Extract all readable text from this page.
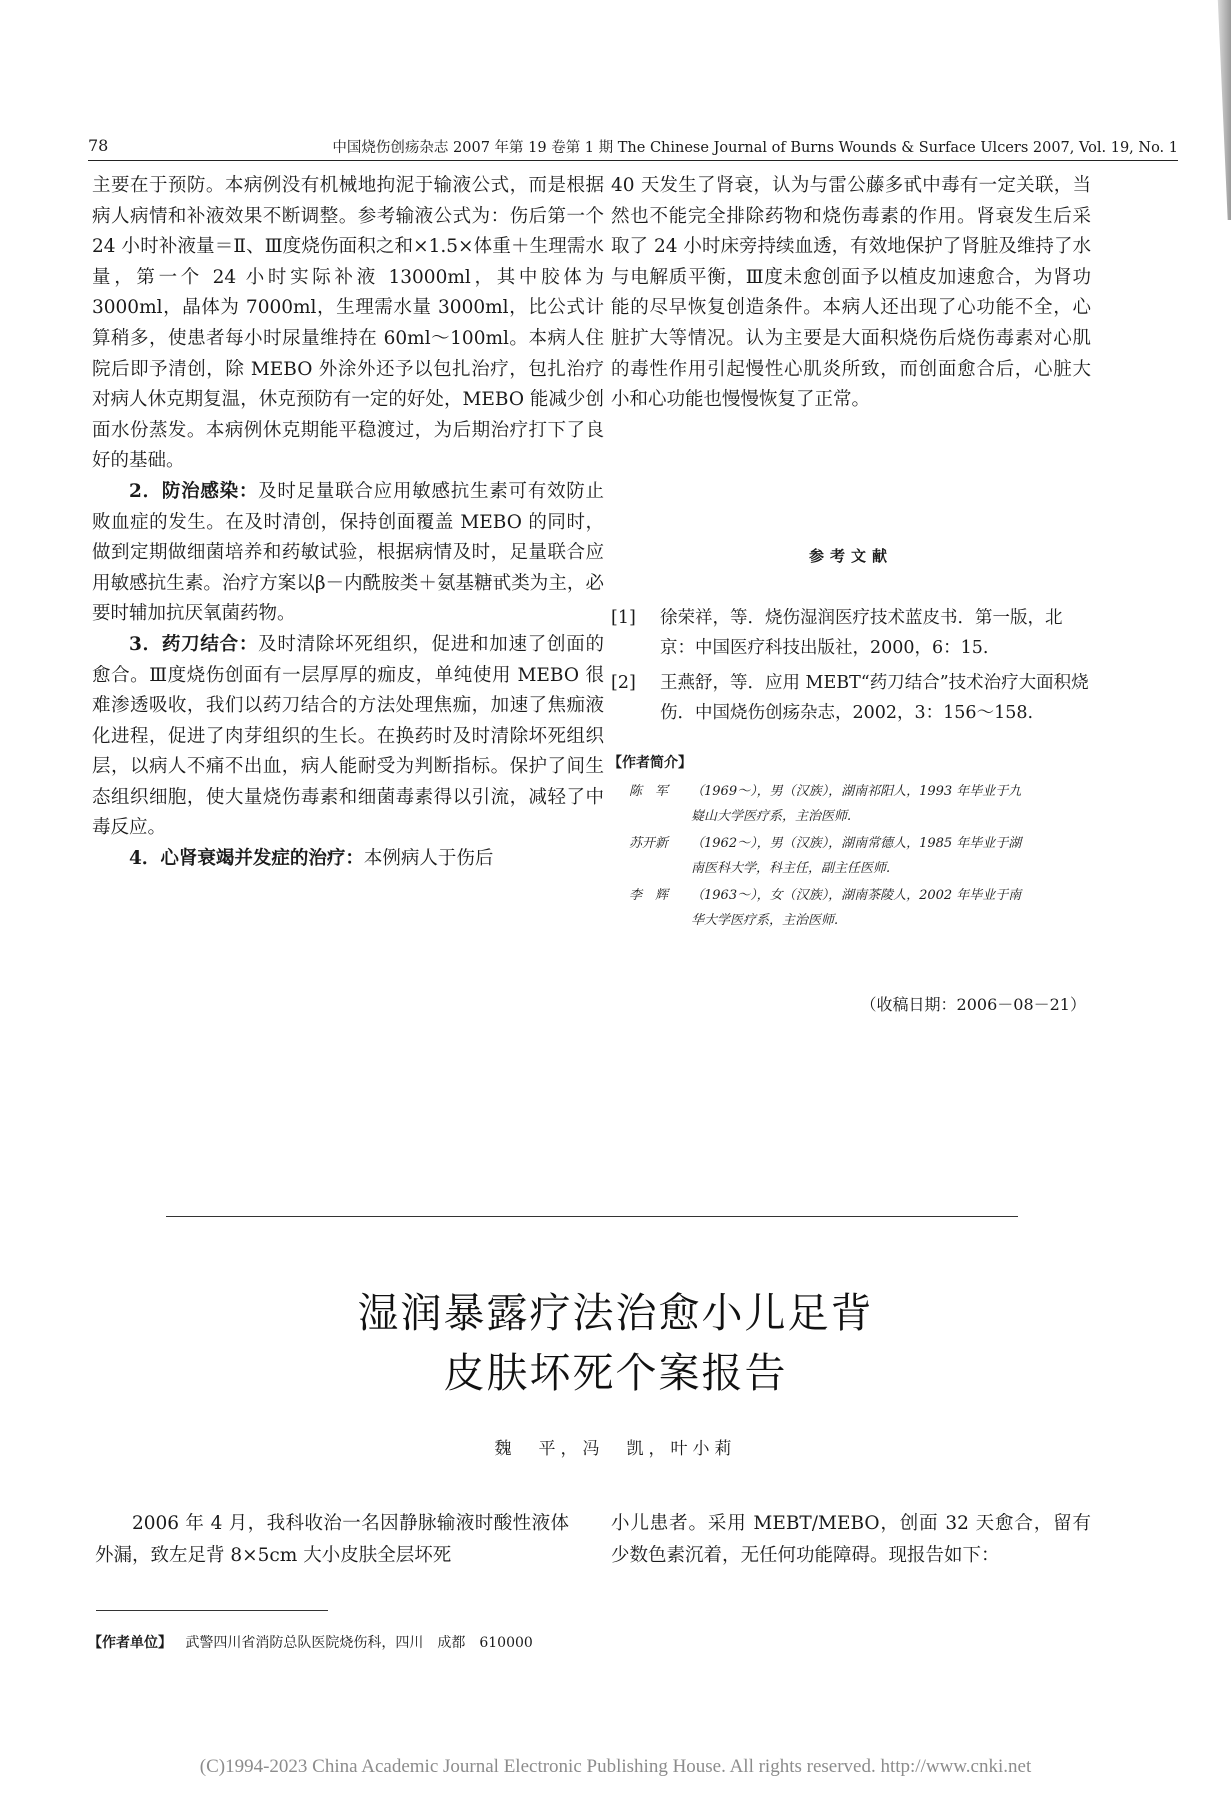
78	中国烧伤创疡杂志 2007 年第 19 卷第 1 期 The Chinese Journal of Burns Wounds & Surface Ulcers 2007, Vol. 19, No. 1

主要在于预防。本病例没有机械地拘泥于输液公式，而是根据病人病情和补液效果不断调整。参考输液公式为：伤后第一个 24 小时补液量＝Ⅱ、Ⅲ度烧伤面积之和×1.5×体重＋生理需水量，第一个 24 小时实际补液 13000ml，其中胶体为 3000ml，晶体为 7000ml，生理需水量 3000ml，比公式计算稍多，使患者每小时尿量维持在 60ml～100ml。本病人住院后即予清创，除 MEBO 外涂外还予以包扎治疗，包扎治疗对病人休克期复温，休克预防有一定的好处，MEBO 能减少创面水份蒸发。本病例休克期能平稳渡过，为后期治疗打下了良好的基础。

2．防治感染：及时足量联合应用敏感抗生素可有效防止败血症的发生。在及时清创，保持创面覆盖 MEBO 的同时，做到定期做细菌培养和药敏试验，根据病情及时，足量联合应用敏感抗生素。治疗方案以β－内酰胺类＋氨基糖甙类为主，必要时辅加抗厌氧菌药物。

3．药刀结合：及时清除坏死组织，促进和加速了创面的愈合。Ⅲ度烧伤创面有一层厚厚的痂皮，单纯使用 MEBO 很难渗透吸收，我们以药刀结合的方法处理焦痂，加速了焦痂液化进程，促进了肉芽组织的生长。在换药时及时清除坏死组织层，以病人不痛不出血，病人能耐受为判断指标。保护了间生态组织细胞，使大量烧伤毒素和细菌毒素得以引流，减轻了中毒反应。

4．心肾衰竭并发症的治疗：本例病人于伤后

40 天发生了肾衰，认为与雷公藤多甙中毒有一定关联，当然也不能完全排除药物和烧伤毒素的作用。肾衰发生后采取了 24 小时床旁持续血透，有效地保护了肾脏及维持了水与电解质平衡，Ⅲ度未愈创面予以植皮加速愈合，为肾功能的尽早恢复创造条件。本病人还出现了心功能不全，心脏扩大等情况。认为主要是大面积烧伤后烧伤毒素对心肌的毒性作用引起慢性心肌炎所致，而创面愈合后，心脏大小和心功能也慢慢恢复了正常。

参考文献

[1] 徐荣祥，等．烧伤湿润医疗技术蓝皮书．第一版，北京：中国医疗科技出版社，2000，6：15.

[2] 王燕舒，等．应用 MEBT“药刀结合”技术治疗大面积烧伤．中国烧伤创疡杂志，2002，3：156～158.

【作者简介】
陈　军 （1969～），男（汉族），湖南祁阳人，1993 年毕业于九
嶷山大学医疗系，主治医师.
苏开新 （1962～），男（汉族），湖南常德人，1985 年毕业于湖
南医科大学，科主任，副主任医师.
李　辉 （1963～），女（汉族），湖南茶陵人，2002 年毕业于南
华大学医疗系，主治医师.
（收稿日期：2006－08－21）
湿润暴露疗法治愈小儿足背
皮肤坏死个案报告
魏　平，冯　凯，叶小莉

2006 年 4 月，我科收治一名因静脉输液时酸性液体外漏，致左足背 8×5cm 大小皮肤全层坏死

小儿患者。采用 MEBT/MEBO，创面 32 天愈合，留有少数色素沉着，无任何功能障碍。现报告如下：

【作者单位】 武警四川省消防总队医院烧伤科，四川　成都　610000
(C)1994-2023 China Academic Journal Electronic Publishing House. All rights reserved. http://www.cnki.net
